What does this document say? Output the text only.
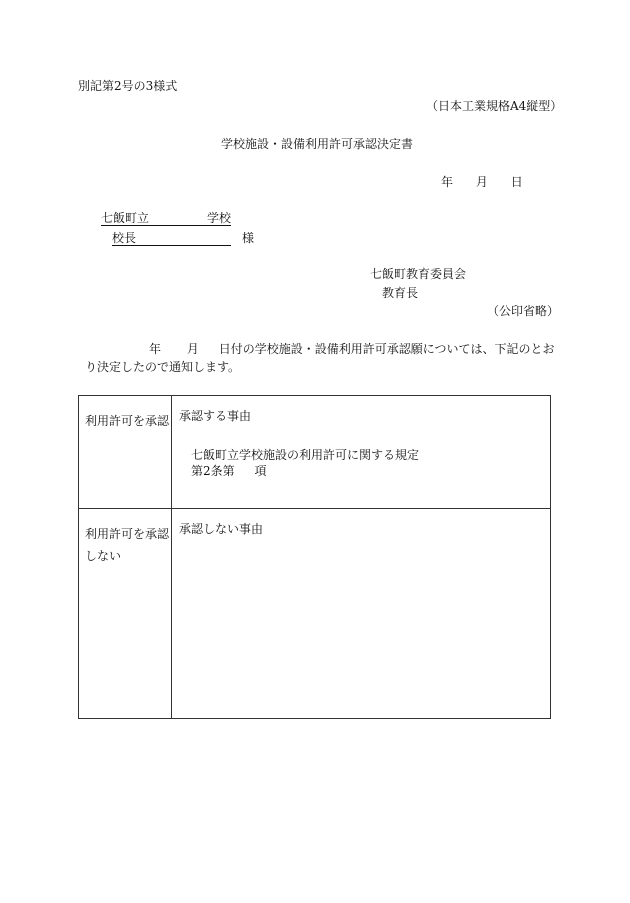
別記第2号の3様式
（日本工業規格A4縦型）
学校施設・設備利用許可承認決定書
年 月 日
七飯町立	学校
校長	様
七飯町教育委員会
教育長
（公印省略）
年 月 日付の学校施設・設備利用許可承認願については、下記のとお
り決定したので通知します。
利用許可を承認	承認する事由
七飯町立学校施設の利用許可に関する規定
第2条第 項

利用許可を承認
しない	承認しない事由
